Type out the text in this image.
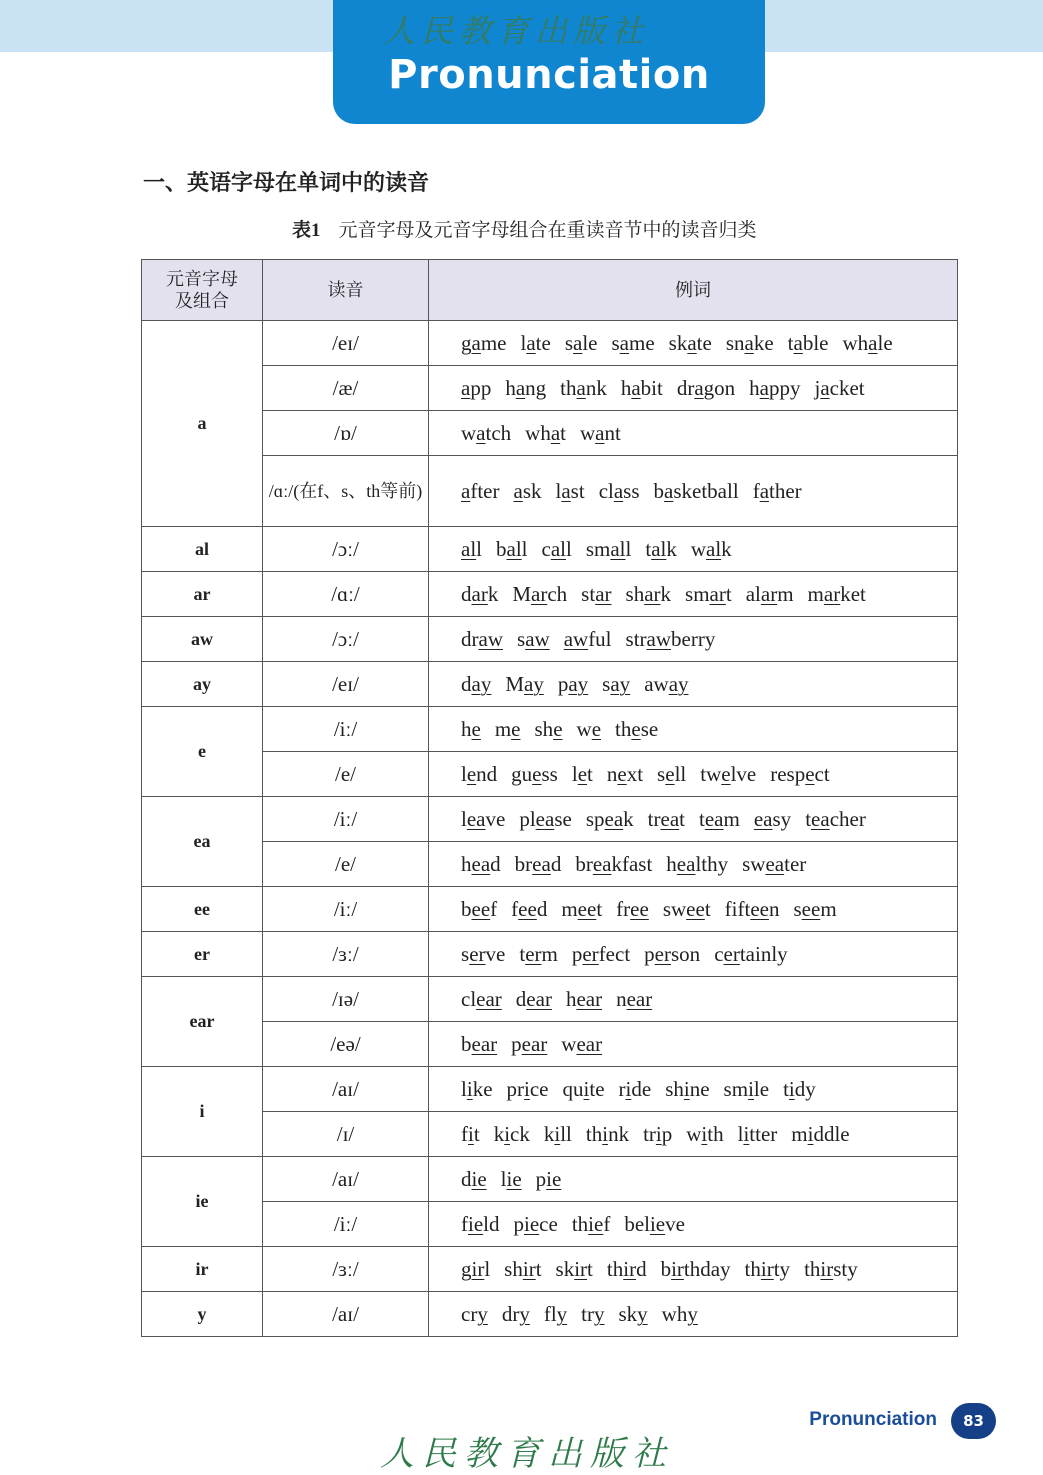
人民教育出版社
Pronunciation
一、英语字母在单词中的读音
表1 元音字母及元音字母组合在重读音节中的读音归类
元音字母
及组合	读音	例词
a	/eɪ/	game late sale same skate snake table whale
	/æ/	app hang thank habit dragon happy jacket
	/ɒ/	watch what want
	/ɑː/(在f、s、th等前)	after ask last class basketball father
al	/ɔː/	all ball call small talk walk
ar	/ɑː/	dark March star shark smart alarm market
aw	/ɔː/	draw saw awful strawberry
ay	/eɪ/	day May pay say away
e	/iː/	he me she we these
	/e/	lend guess let next sell twelve respect
ea	/iː/	leave please speak treat team easy teacher
	/e/	head bread breakfast healthy sweater
ee	/iː/	beef feed meet free sweet fifteen seem
er	/ɜː/	serve term perfect person certainly
ear	/ɪə/	clear dear hear near
	/eə/	bear pear wear
i	/aɪ/	like price quite ride shine smile tidy
	/ɪ/	fit kick kill think trip with litter middle
ie	/aɪ/	die lie pie
	/iː/	field piece thief believe
ir	/ɜː/	girl shirt skirt third birthday thirty thirsty
y	/aɪ/	cry dry fly try sky why
Pronunciation	83
人民教育出版社
